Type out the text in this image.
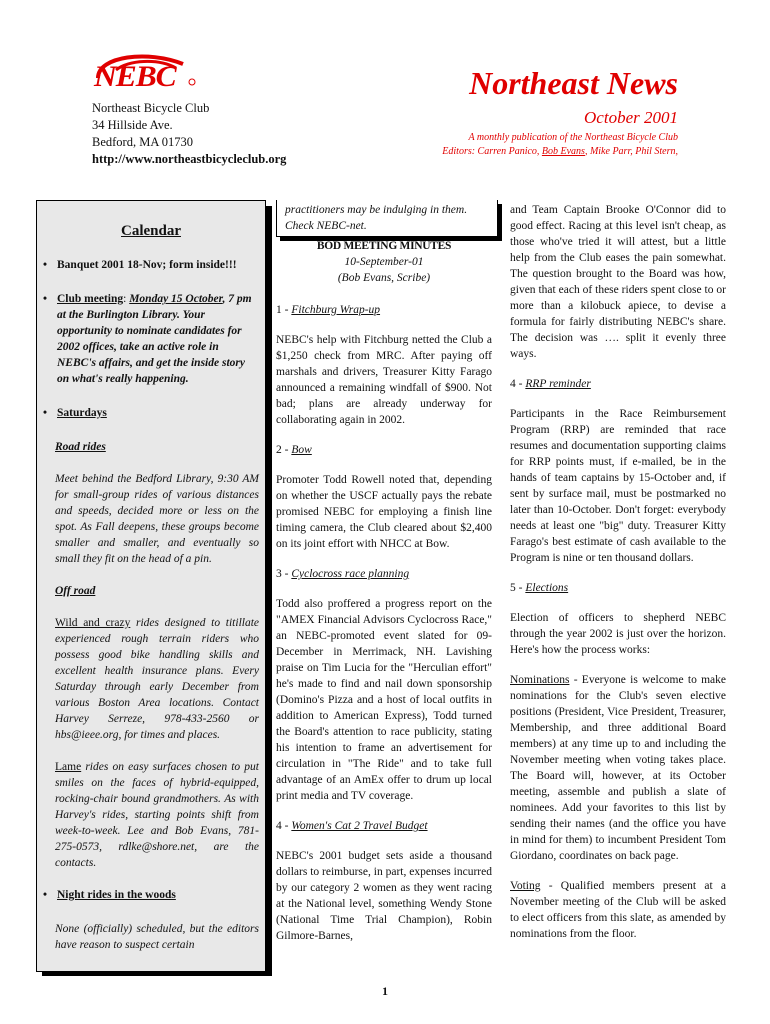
NEBC
Northeast Bicycle Club
34 Hillside Ave.
Bedford, MA 01730
http://www.northeastbicycleclub.org
Northeast News
October 2001
A monthly publication of the Northeast Bicycle Club
Editors: Carren Panico, Bob Evans, Mike Parr, Phil Stern,
Calendar
• Banquet 2001 18-Nov; form inside!!!
• Club meeting: Monday 15 October, 7 pm at the Burlington Library. Your opportunity to nominate candidates for 2002 offices, take an active role in NEBC's affairs, and get the inside story on what's really happening.
• Saturdays
Road rides
Meet behind the Bedford Library, 9:30 AM for small-group rides of various distances and speeds, decided more or less on the spot. As Fall deepens, these groups become smaller and smaller, and eventually so small they fit on the head of a pin.
Off road
Wild and crazy rides designed to titillate experienced rough terrain riders who possess good bike handling skills and excellent health insurance plans. Every Saturday through early December from various Boston Area locations. Contact Harvey Serreze, 978-433-2560 or hbs@ieee.org, for times and places.
Lame rides on easy surfaces chosen to put smiles on the faces of hybrid-equipped, rocking-chair bound grandmothers. As with Harvey's rides, starting points shift from week-to-week. Lee and Bob Evans, 781-275-0573, rdlke@shore.net, are the contacts.
• Night rides in the woods
None (officially) scheduled, but the editors have reason to suspect certain
practitioners may be indulging in them. Check NEBC-net.
BOD MEETING MINUTES
10-September-01
(Bob Evans, Scribe)
1 - Fitchburg Wrap-up
NEBC's help with Fitchburg netted the Club a $1,250 check from MRC. After paying off marshals and drivers, Treasurer Kitty Farago announced a remaining windfall of $900. Not bad; plans are already underway for collaborating again in 2002.
2 - Bow
Promoter Todd Rowell noted that, depending on whether the USCF actually pays the rebate promised NEBC for employing a finish line timing camera, the Club cleared about $2,400 on its joint effort with NHCC at Bow.
3 - Cyclocross race planning
Todd also proffered a progress report on the "AMEX Financial Advisors Cyclocross Race," an NEBC-promoted event slated for 09-December in Merrimack, NH. Lavishing praise on Tim Lucia for the "Herculian effort" he's made to find and nail down sponsorship (Domino's Pizza and a host of local outfits in addition to American Express), Todd turned the Board's attention to race publicity, stating his intention to frame an advertisement for circulation in "The Ride" and to take full advantage of an AmEx offer to drum up local print media and TV coverage.
4 - Women's Cat 2 Travel Budget
NEBC's 2001 budget sets aside a thousand dollars to reimburse, in part, expenses incurred by our category 2 women as they went racing at the National level, something Wendy Stone (National Time Trial Champion), Robin Gilmore-Barnes,
and Team Captain Brooke O'Connor did to good effect. Racing at this level isn't cheap, as those who've tried it will attest, but a little help from the Club eases the pain somewhat. The question brought to the Board was how, given that each of these riders spent close to or more than a kilobuck apiece, to devise a formula for fairly distributing NEBC's share. The decision was …. split it evenly three ways.
4 - RRP reminder
Participants in the Race Reimbursement Program (RRP) are reminded that race resumes and documentation supporting claims for RRP points must, if e-mailed, be in the hands of team captains by 15-October and, if sent by surface mail, must be postmarked no later than 10-October. Don't forget: everybody needs at least one "big" duty. Treasurer Kitty Farago's best estimate of cash available to the Program is nine or ten thousand dollars.
5 - Elections
Election of officers to shepherd NEBC through the year 2002 is just over the horizon. Here's how the process works:
Nominations - Everyone is welcome to make nominations for the Club's seven elective positions (President, Vice President, Treasurer, Membership, and three additional Board members) at any time up to and including the November meeting when voting takes place. The Board will, however, at its October meeting, assemble and publish a slate of nominees. Add your favorites to this list by sending their names (and the office you have in mind for them) to incumbent President Tom Giordano, coordinates on back page.
Voting - Qualified members present at a November meeting of the Club will be asked to elect officers from this slate, as amended by nominations from the floor.
1
